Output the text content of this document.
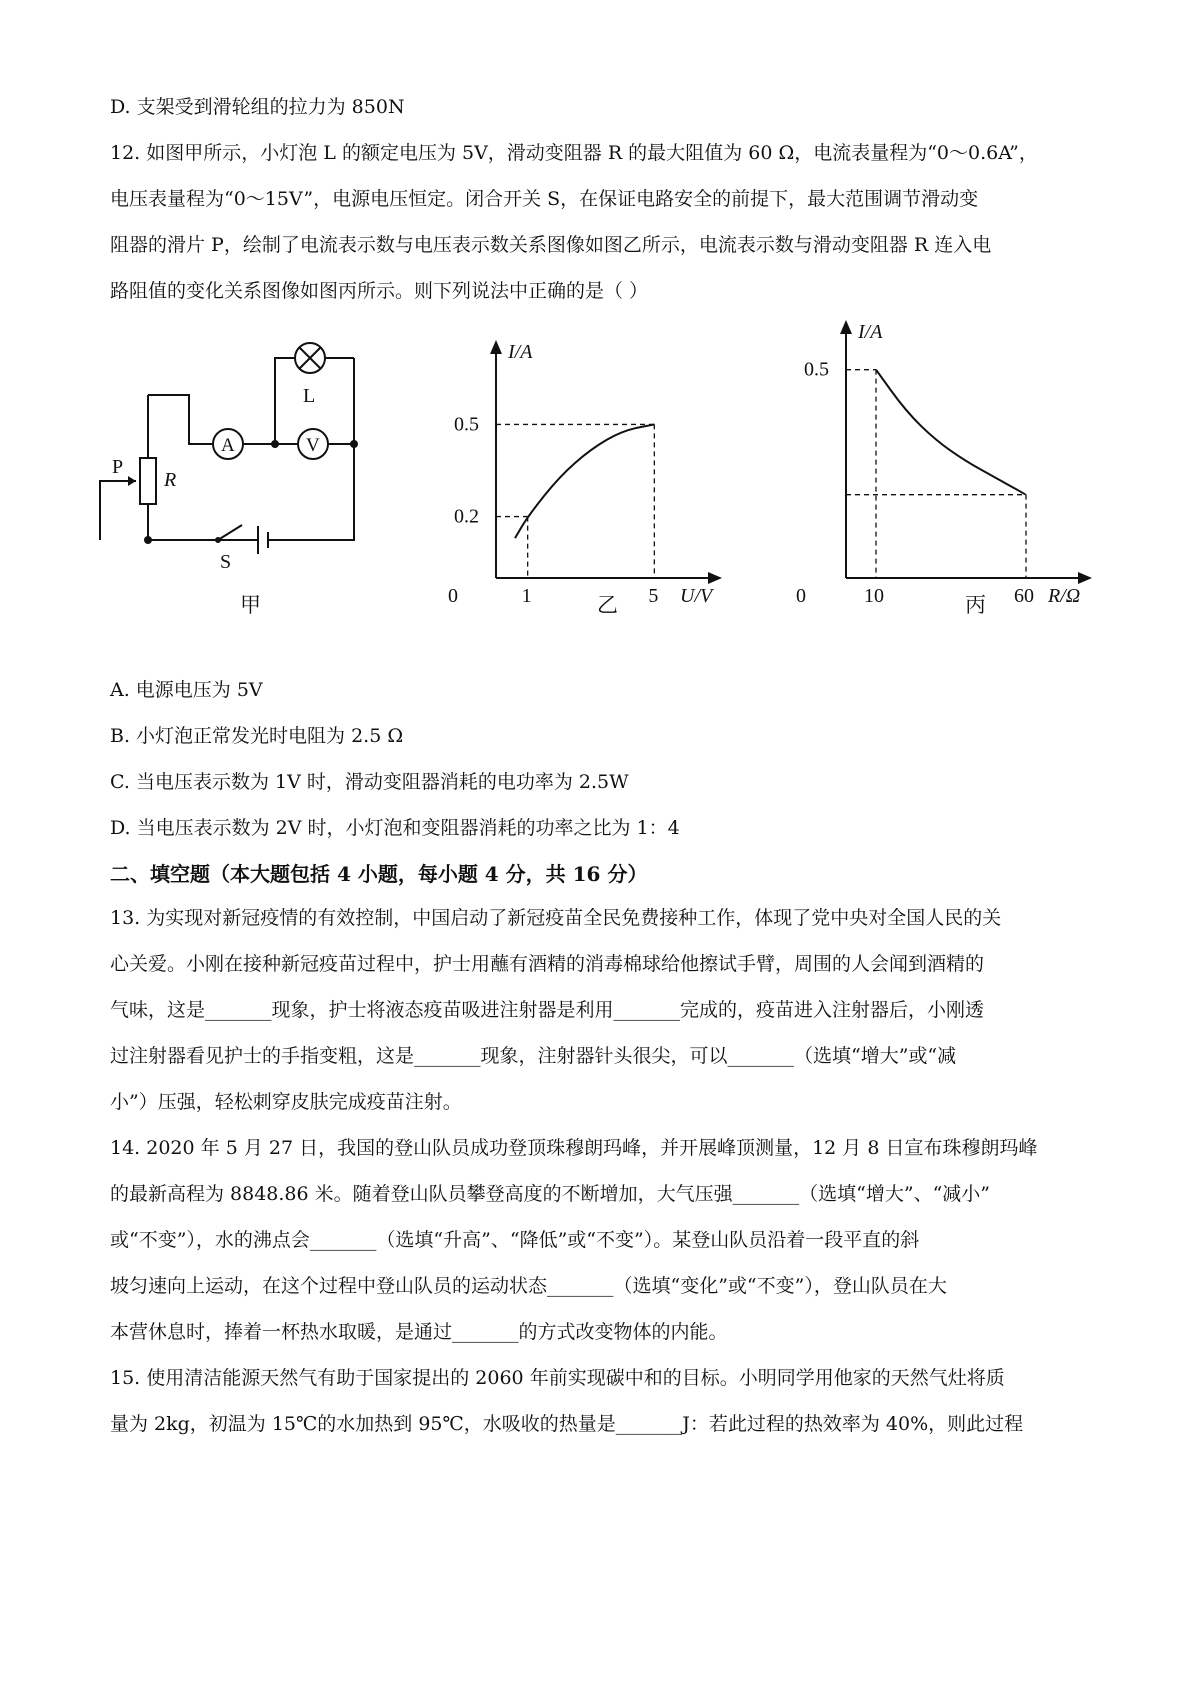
D. 支架受到滑轮组的拉力为 850N
12. 如图甲所示，小灯泡 L 的额定电压为 5V，滑动变阻器 R 的最大阻值为 60 Ω，电流表量程为“0～0.6A”，
电压表量程为“0～15V”，电源电压恒定。闭合开关 S，在保证电路安全的前提下，最大范围调节滑动变
阻器的滑片 P，绘制了电流表示数与电压表示数关系图像如图乙所示，电流表示数与滑动变阻器 R 连入电
路阻值的变化关系图像如图丙所示。则下列说法中正确的是（ ）
L
A	V
P
R
S
甲
I/A
U/V
0	乙
1	5
0.2
0.5
I/A
R/Ω
0	丙
10	60
0.5
A. 电源电压为 5V
B. 小灯泡正常发光时电阻为 2.5 Ω
C. 当电压表示数为 1V 时，滑动变阻器消耗的电功率为 2.5W
D. 当电压表示数为 2V 时，小灯泡和变阻器消耗的功率之比为 1：4
二、填空题（本大题包括 4 小题，每小题 4 分，共 16 分）
13. 为实现对新冠疫情的有效控制，中国启动了新冠疫苗全民免费接种工作，体现了党中央对全国人民的关
心关爱。小刚在接种新冠疫苗过程中，护士用蘸有酒精的消毒棉球给他擦试手臂，周围的人会闻到酒精的
气味，这是_______现象，护士将液态疫苗吸进注射器是利用_______完成的，疫苗进入注射器后，小刚透
过注射器看见护士的手指变粗，这是_______现象，注射器针头很尖，可以_______（选填“增大”或“减
小”）压强，轻松刺穿皮肤完成疫苗注射。
14. 2020 年 5 月 27 日，我国的登山队员成功登顶珠穆朗玛峰，并开展峰顶测量，12 月 8 日宣布珠穆朗玛峰
的最新高程为 8848.86 米。随着登山队员攀登高度的不断增加，大气压强_______（选填“增大”、“减小”
或“不变”），水的沸点会_______（选填“升高”、“降低”或“不变”）。某登山队员沿着一段平直的斜
坡匀速向上运动，在这个过程中登山队员的运动状态_______（选填“变化”或“不变”），登山队员在大
本营休息时，捧着一杯热水取暖，是通过_______的方式改变物体的内能。
15. 使用清洁能源天然气有助于国家提出的 2060 年前实现碳中和的目标。小明同学用他家的天然气灶将质
量为 2kg，初温为 15℃的水加热到 95℃，水吸收的热量是_______J：若此过程的热效率为 40%，则此过程
